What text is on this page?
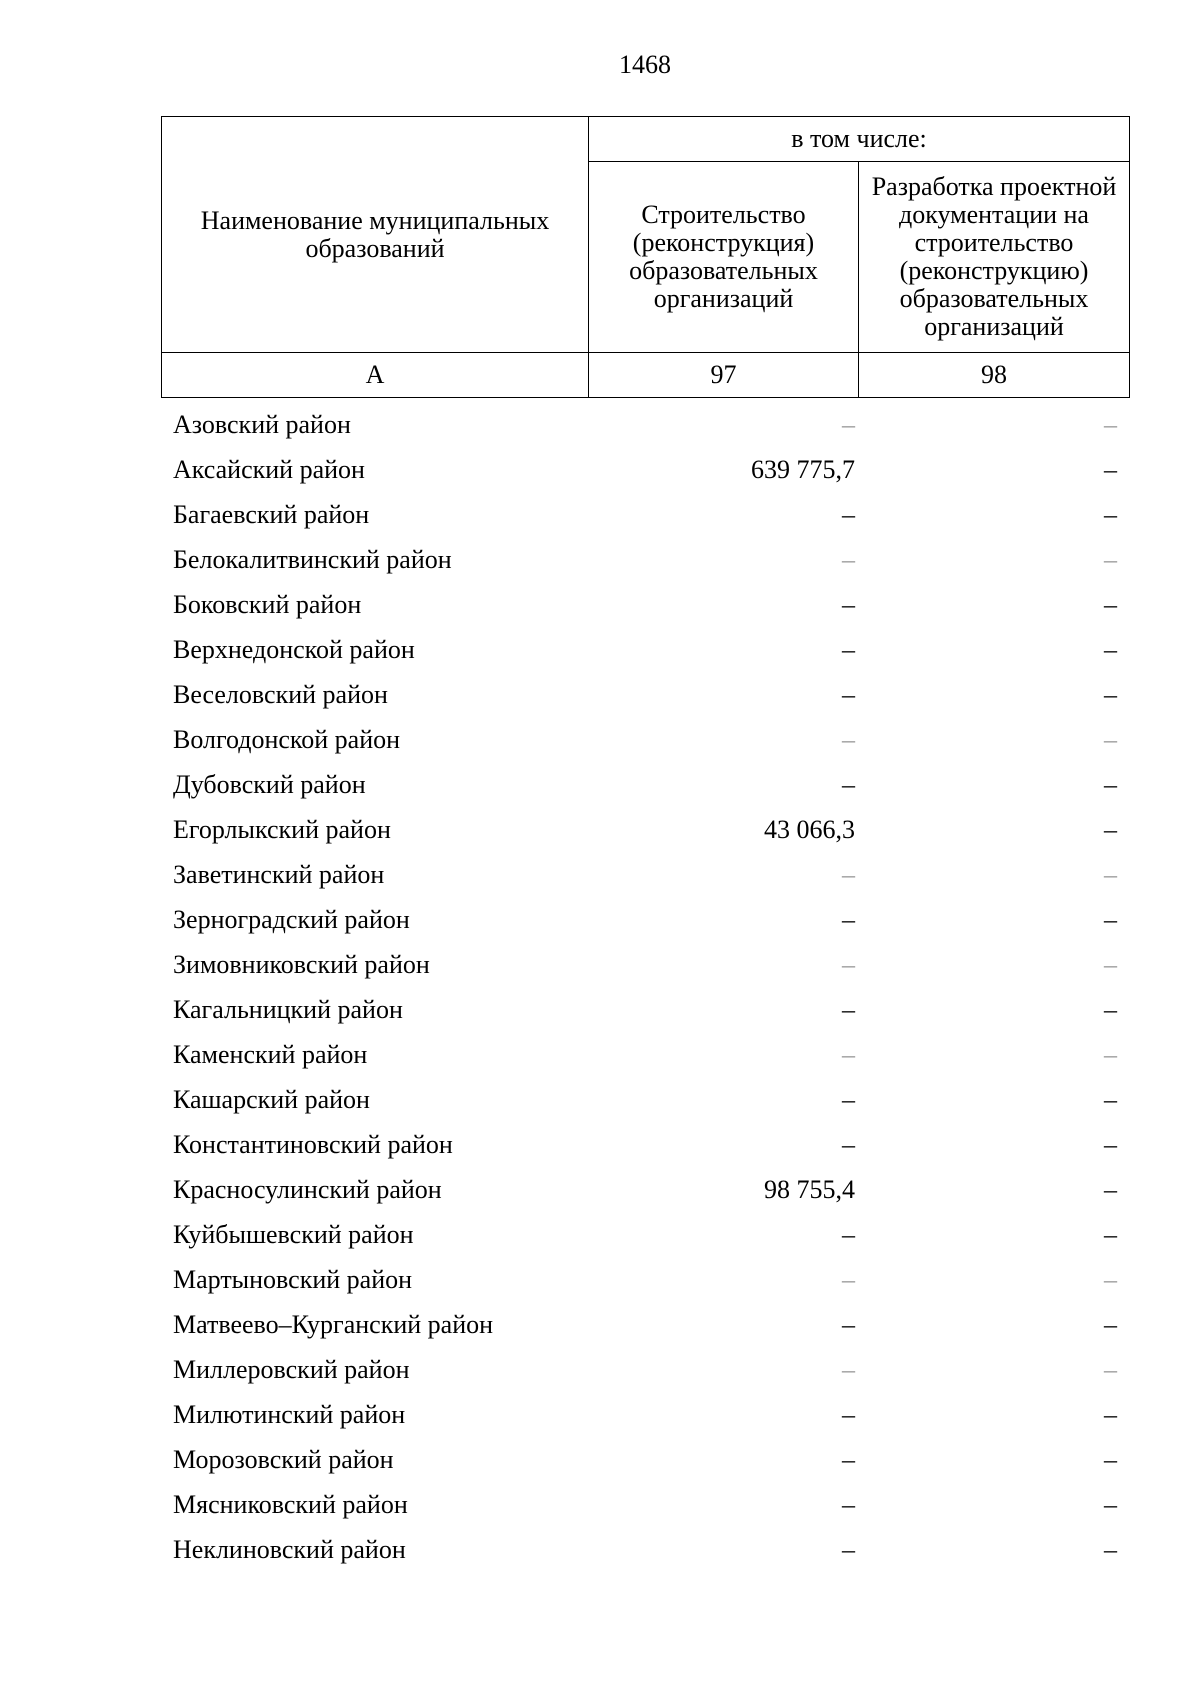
1468
Наименование муниципальных образований	в том числе:	
	Строительство (реконструкция) образовательных организаций	Разработка проектной документации на строительство (реконструкцию) образовательных организаций
А	97	98
Азовский район	–	–
Аксайский район	639 775,7	–
Багаевский район	–	–
Белокалитвинский район	–	–
Боковский район	–	–
Верхнедонской район	–	–
Веселовский район	–	–
Волгодонской район	–	–
Дубовский район	–	–
Егорлыкский район	43 066,3	–
Заветинский район	–	–
Зерноградский район	–	–
Зимовниковский район	–	–
Кагальницкий район	–	–
Каменский район	–	–
Кашарский район	–	–
Константиновский район	–	–
Красносулинский район	98 755,4	–
Куйбышевский район	–	–
Мартыновский район	–	–
Матвеево–Курганский район	–	–
Миллеровский район	–	–
Милютинский район	–	–
Морозовский район	–	–
Мясниковский район	–	–
Неклиновский район	–	–
